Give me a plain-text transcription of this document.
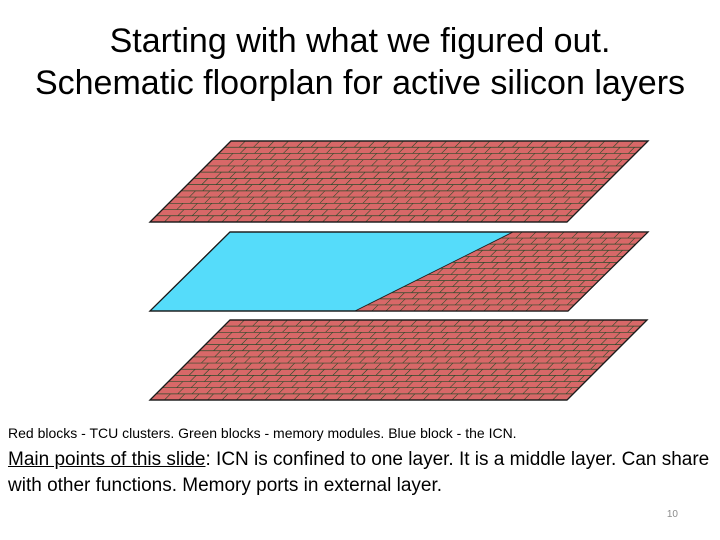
Starting with what we figured out.
Schematic floorplan for active silicon layers
Red blocks - TCU clusters. Green blocks - memory modules. Blue block - the ICN.
Main points of this slide: ICN is confined to one layer. It is a middle layer. Can share with other functions. Memory ports in external layer.
10
